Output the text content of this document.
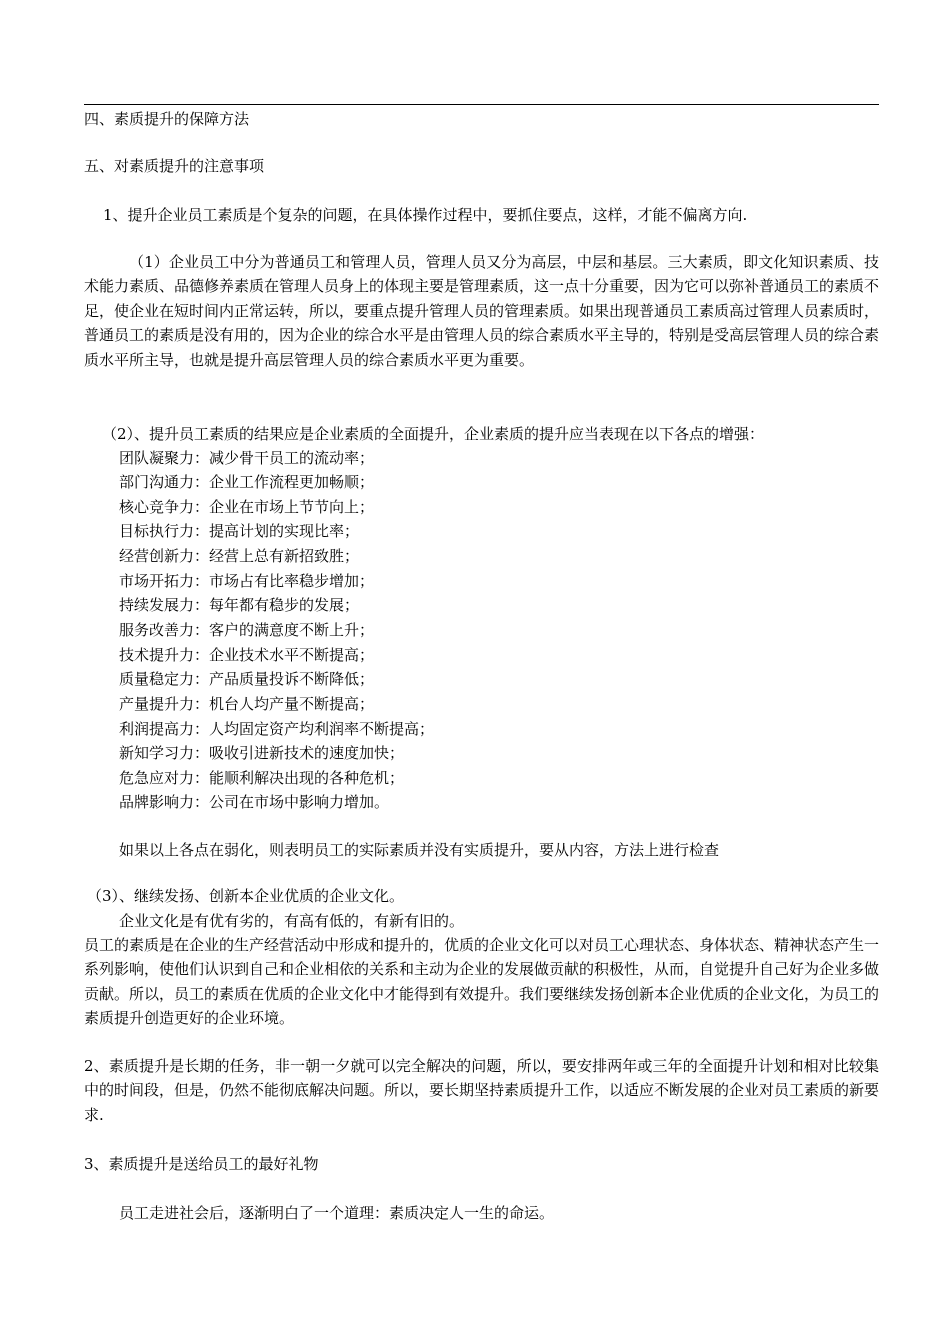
四、素质提升的保障方法
五、对素质提升的注意事项
1、提升企业员工素质是个复杂的问题，在具体操作过程中，要抓住要点，这样，才能不偏离方向.
（1）企业员工中分为普通员工和管理人员，管理人员又分为高层，中层和基层。三大素质，即文化知识素质、技术能力素质、品德修养素质在管理人员身上的体现主要是管理素质，这一点十分重要，因为它可以弥补普通员工的素质不足，使企业在短时间内正常运转，所以，要重点提升管理人员的管理素质。如果出现普通员工素质高过管理人员素质时，普通员工的素质是没有用的，因为企业的综合水平是由管理人员的综合素质水平主导的，特别是受高层管理人员的综合素质水平所主导，也就是提升高层管理人员的综合素质水平更为重要。
（2）、提升员工素质的结果应是企业素质的全面提升，企业素质的提升应当表现在以下各点的增强：
团队凝聚力：减少骨干员工的流动率；
部门沟通力：企业工作流程更加畅顺；
核心竞争力：企业在市场上节节向上；
目标执行力：提高计划的实现比率；
经营创新力：经营上总有新招致胜；
市场开拓力：市场占有比率稳步增加；
持续发展力：每年都有稳步的发展；
服务改善力：客户的满意度不断上升；
技术提升力：企业技术水平不断提高；
质量稳定力：产品质量投诉不断降低；
产量提升力：机台人均产量不断提高；
利润提高力：人均固定资产均利润率不断提高；
新知学习力：吸收引进新技术的速度加快；
危急应对力：能顺利解决出现的各种危机；
品牌影响力：公司在市场中影响力增加。
如果以上各点在弱化，则表明员工的实际素质并没有实质提升，要从内容，方法上进行检查
（3）、继续发扬、创新本企业优质的企业文化。
企业文化是有优有劣的，有高有低的，有新有旧的。
员工的素质是在企业的生产经营活动中形成和提升的，优质的企业文化可以对员工心理状态、身体状态、精神状态产生一系列影响，使他们认识到自己和企业相依的关系和主动为企业的发展做贡献的积极性，从而，自觉提升自己好为企业多做贡献。所以，员工的素质在优质的企业文化中才能得到有效提升。我们要继续发扬创新本企业优质的企业文化，为员工的素质提升创造更好的企业环境。
2、素质提升是长期的任务，非一朝一夕就可以完全解决的问题，所以，要安排两年或三年的全面提升计划和相对比较集中的时间段，但是，仍然不能彻底解决问题。所以，要长期坚持素质提升工作，以适应不断发展的企业对员工素质的新要求.
3、素质提升是送给员工的最好礼物
员工走进社会后，逐渐明白了一个道理：素质决定人一生的命运。
